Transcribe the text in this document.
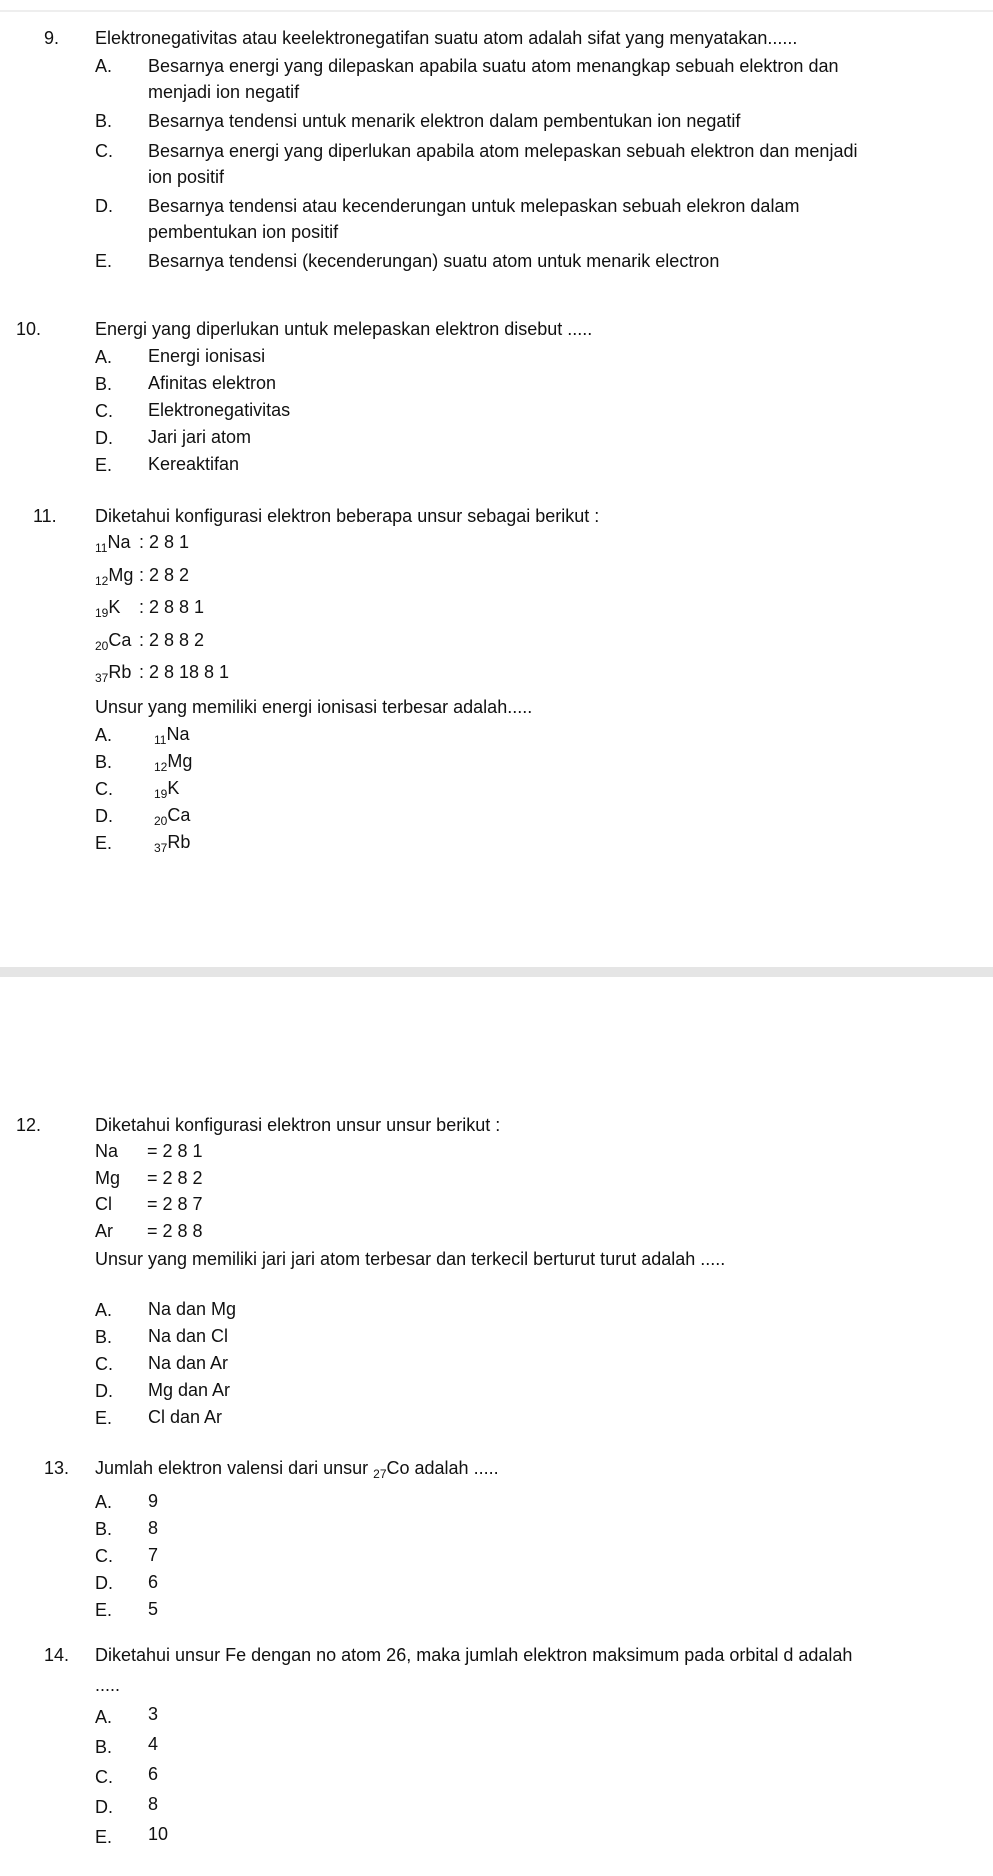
9. Elektronegativitas atau keelektronegatifan suatu atom adalah sifat yang menyatakan......
A.	Besarnya energi yang dilepaskan apabila suatu atom menangkap sebuah elektron dan menjadi ion negatif
B.	Besarnya tendensi untuk menarik elektron dalam pembentukan ion negatif
C.	Besarnya energi yang diperlukan apabila atom melepaskan sebuah elektron dan menjadi ion positif
D.	Besarnya tendensi atau kecenderungan untuk melepaskan sebuah elekron dalam pembentukan ion positif
E.	Besarnya tendensi (kecenderungan) suatu atom untuk menarik electron
10.	Energi yang diperlukan untuk melepaskan elektron disebut .....
A.	Energi ionisasi
B.	Afinitas elektron
C.	Elektronegativitas
D.	Jari jari atom
E.	Kereaktifan
11. Diketahui konfigurasi elektron beberapa unsur sebagai berikut :
$_{11}$Na : 2 8 1
$_{12}$Mg : 2 8 2
$_{19}$K	: 2 8 8 1
$_{20}$Ca : 2 8 8 2
$_{37}$Rb : 2 8 18 8 1
Unsur yang memiliki energi ionisasi terbesar adalah.....
A.	$_{11}$Na
B.	$_{12}$Mg
C.	$_{19}$K
D.	$_{20}$Ca
E.	$_{37}$Rb
12.	Diketahui konfigurasi elektron unsur unsur berikut :
Na	= 2 8 1
Mg	= 2 8 2
Cl	= 2 8 7
Ar	= 2 8 8
Unsur yang memiliki jari jari atom terbesar dan terkecil berturut turut adalah .....
A.	Na dan Mg
B.	Na dan Cl
C.	Na dan Ar
D.	Mg dan Ar
E.	Cl dan Ar
13. Jumlah elektron valensi dari unsur $_{27}$Co adalah .....
A.	9
B.	8
C.	7
D.	6
E.	5
14. Diketahui unsur Fe dengan no atom 26, maka jumlah elektron maksimum pada orbital d adalah .....
A.	3
B.	4
C.	6
D.	8
E.	10
